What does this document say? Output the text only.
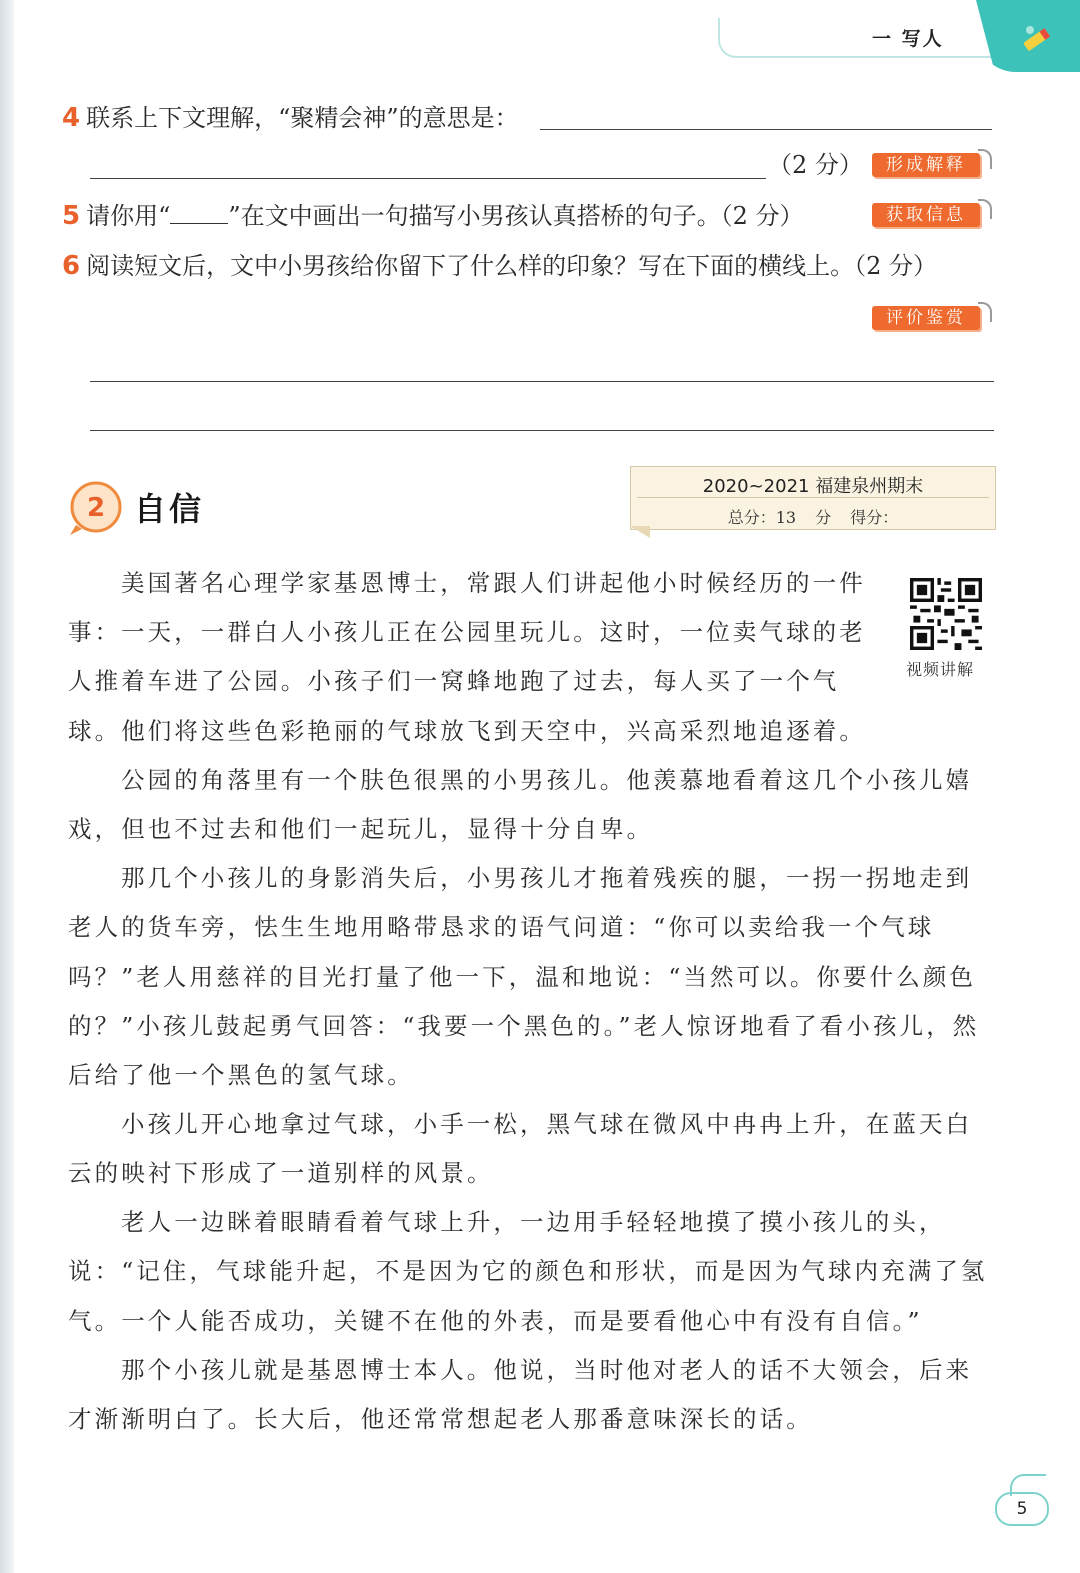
一 写人
4 联系上下文理解，“聚精会神”的意思是：
（2 分）	形成解释
5 请你用“ ”在文中画出一句描写小男孩认真搭桥的句子。（2 分）	获取信息
6 阅读短文后，文中小男孩给你留下了什么样的印象？写在下面的横线上。（2 分）
评价鉴赏
2 自信
2020~2021 福建泉州期末
总分：13 分 得分：
视频讲解

美国著名心理学家基恩博士，常跟人们讲起他小时候经历的一件事： 一天，一群白人小孩儿正在公园里玩儿。这时，一位卖气球的老人推着车进了公园。小孩子们一窝蜂地跑了过去，每人买了一个气球。他们将这些色彩艳丽的气球放飞到天空中，兴高采烈地追逐着。

公园的角落里有一个肤色很黑的小男孩儿。他羡慕地看着这几个小孩儿嬉戏，但也不过去和他们一起玩儿，显得十分自卑。

那几个小孩儿的身影消失后，小男孩儿才拖着残疾的腿，一拐一拐地走到老人的货车旁，怯生生地用略带恳求的语气问道：“你可以卖给我一个气球吗？”老人用慈祥的目光打量了他一下，温和地说：“当然可以。你要什么颜色的？”小孩儿鼓起勇气回答：“我要一个黑色的。”老人惊讶地看了看小孩儿，然后给了他一个黑色的氢气球。

小孩儿开心地拿过气球，小手一松，黑气球在微风中冉冉上升，在蓝天白云的映衬下形成了一道别样的风景。

老人一边眯着眼睛看着气球上升，一边用手轻轻地摸了摸小孩儿的头，说：“记住，气球能升起，不是因为它的颜色和形状，而是因为气球内充满了氢气。一个人能否成功，关键不在他的外表，而是要看他心中有没有自信。”

那个小孩儿就是基恩博士本人。他说，当时他对老人的话不大领会，后来才渐渐明白了。长大后，他还常常想起老人那番意味深长的话。

5
